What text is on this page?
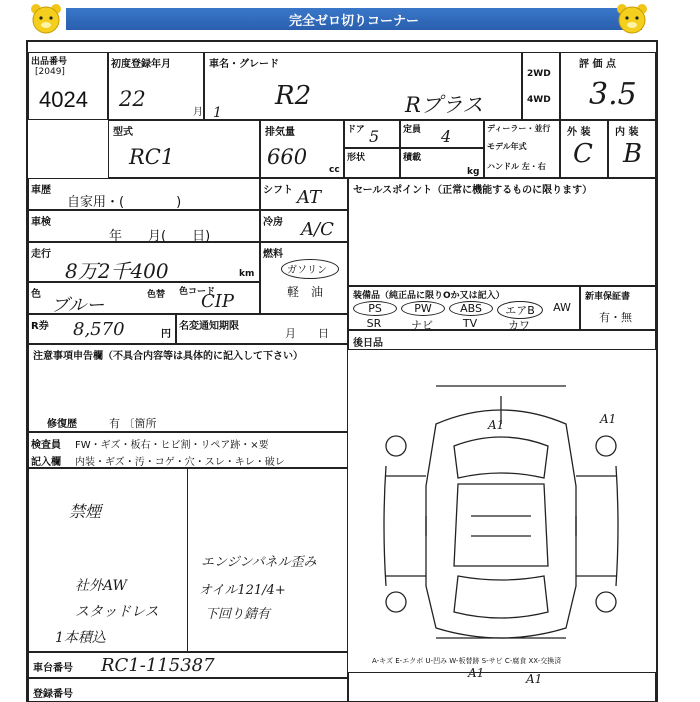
完全ゼロ切りコーナー
出品番号
[2049]
4024
初度登録年月
22
月
車名・グレード
1
R2	Rプラス
2WD
4WD
評 価 点
3.5
型式
RC1
排気量
660
cc
ドア 5	定員 4
形状	積載
kg
ディーラー・並行
モデル年式
ハンドル 左・右
外 装
C
内 装
B
車歴
自家用・(　　　　)
車検
年　　月(　　日)
走行
8万2千400	km
色
ブルー	色替 色コード
CIP
R券 8,570	円
名変通知期限
月　　日
シフト AT
冷房 A/C
燃料
ガソリン
軽　油
セールスポイント（正常に機能するものに限ります）
装備品（純正品に限りOか又は記入）
PS	PW	ABS	エアB	AW
SR	ナビ	TV	カワ
新車保証書
有・無
後日品
注意事項申告欄（不具合内容等は具体的に記入して下さい）
修復歴	有 〔箇所
検査員
記入欄
FW・ギズ・板右・ヒビ割・リペア跡・×要
内装・ギズ・汚・コゲ・穴・スレ・キレ・破レ
禁煙
社外AW
スタッドレス
1本積込
エンジンパネル歪み
オイル121/4+
下回り錆有
A1	A1
A1	A1
A-キズ E-エクボ U-凹み W-板替跡 S-サビ C-腐食 XX-交換済
車台番号 RC1-115387
登録番号
